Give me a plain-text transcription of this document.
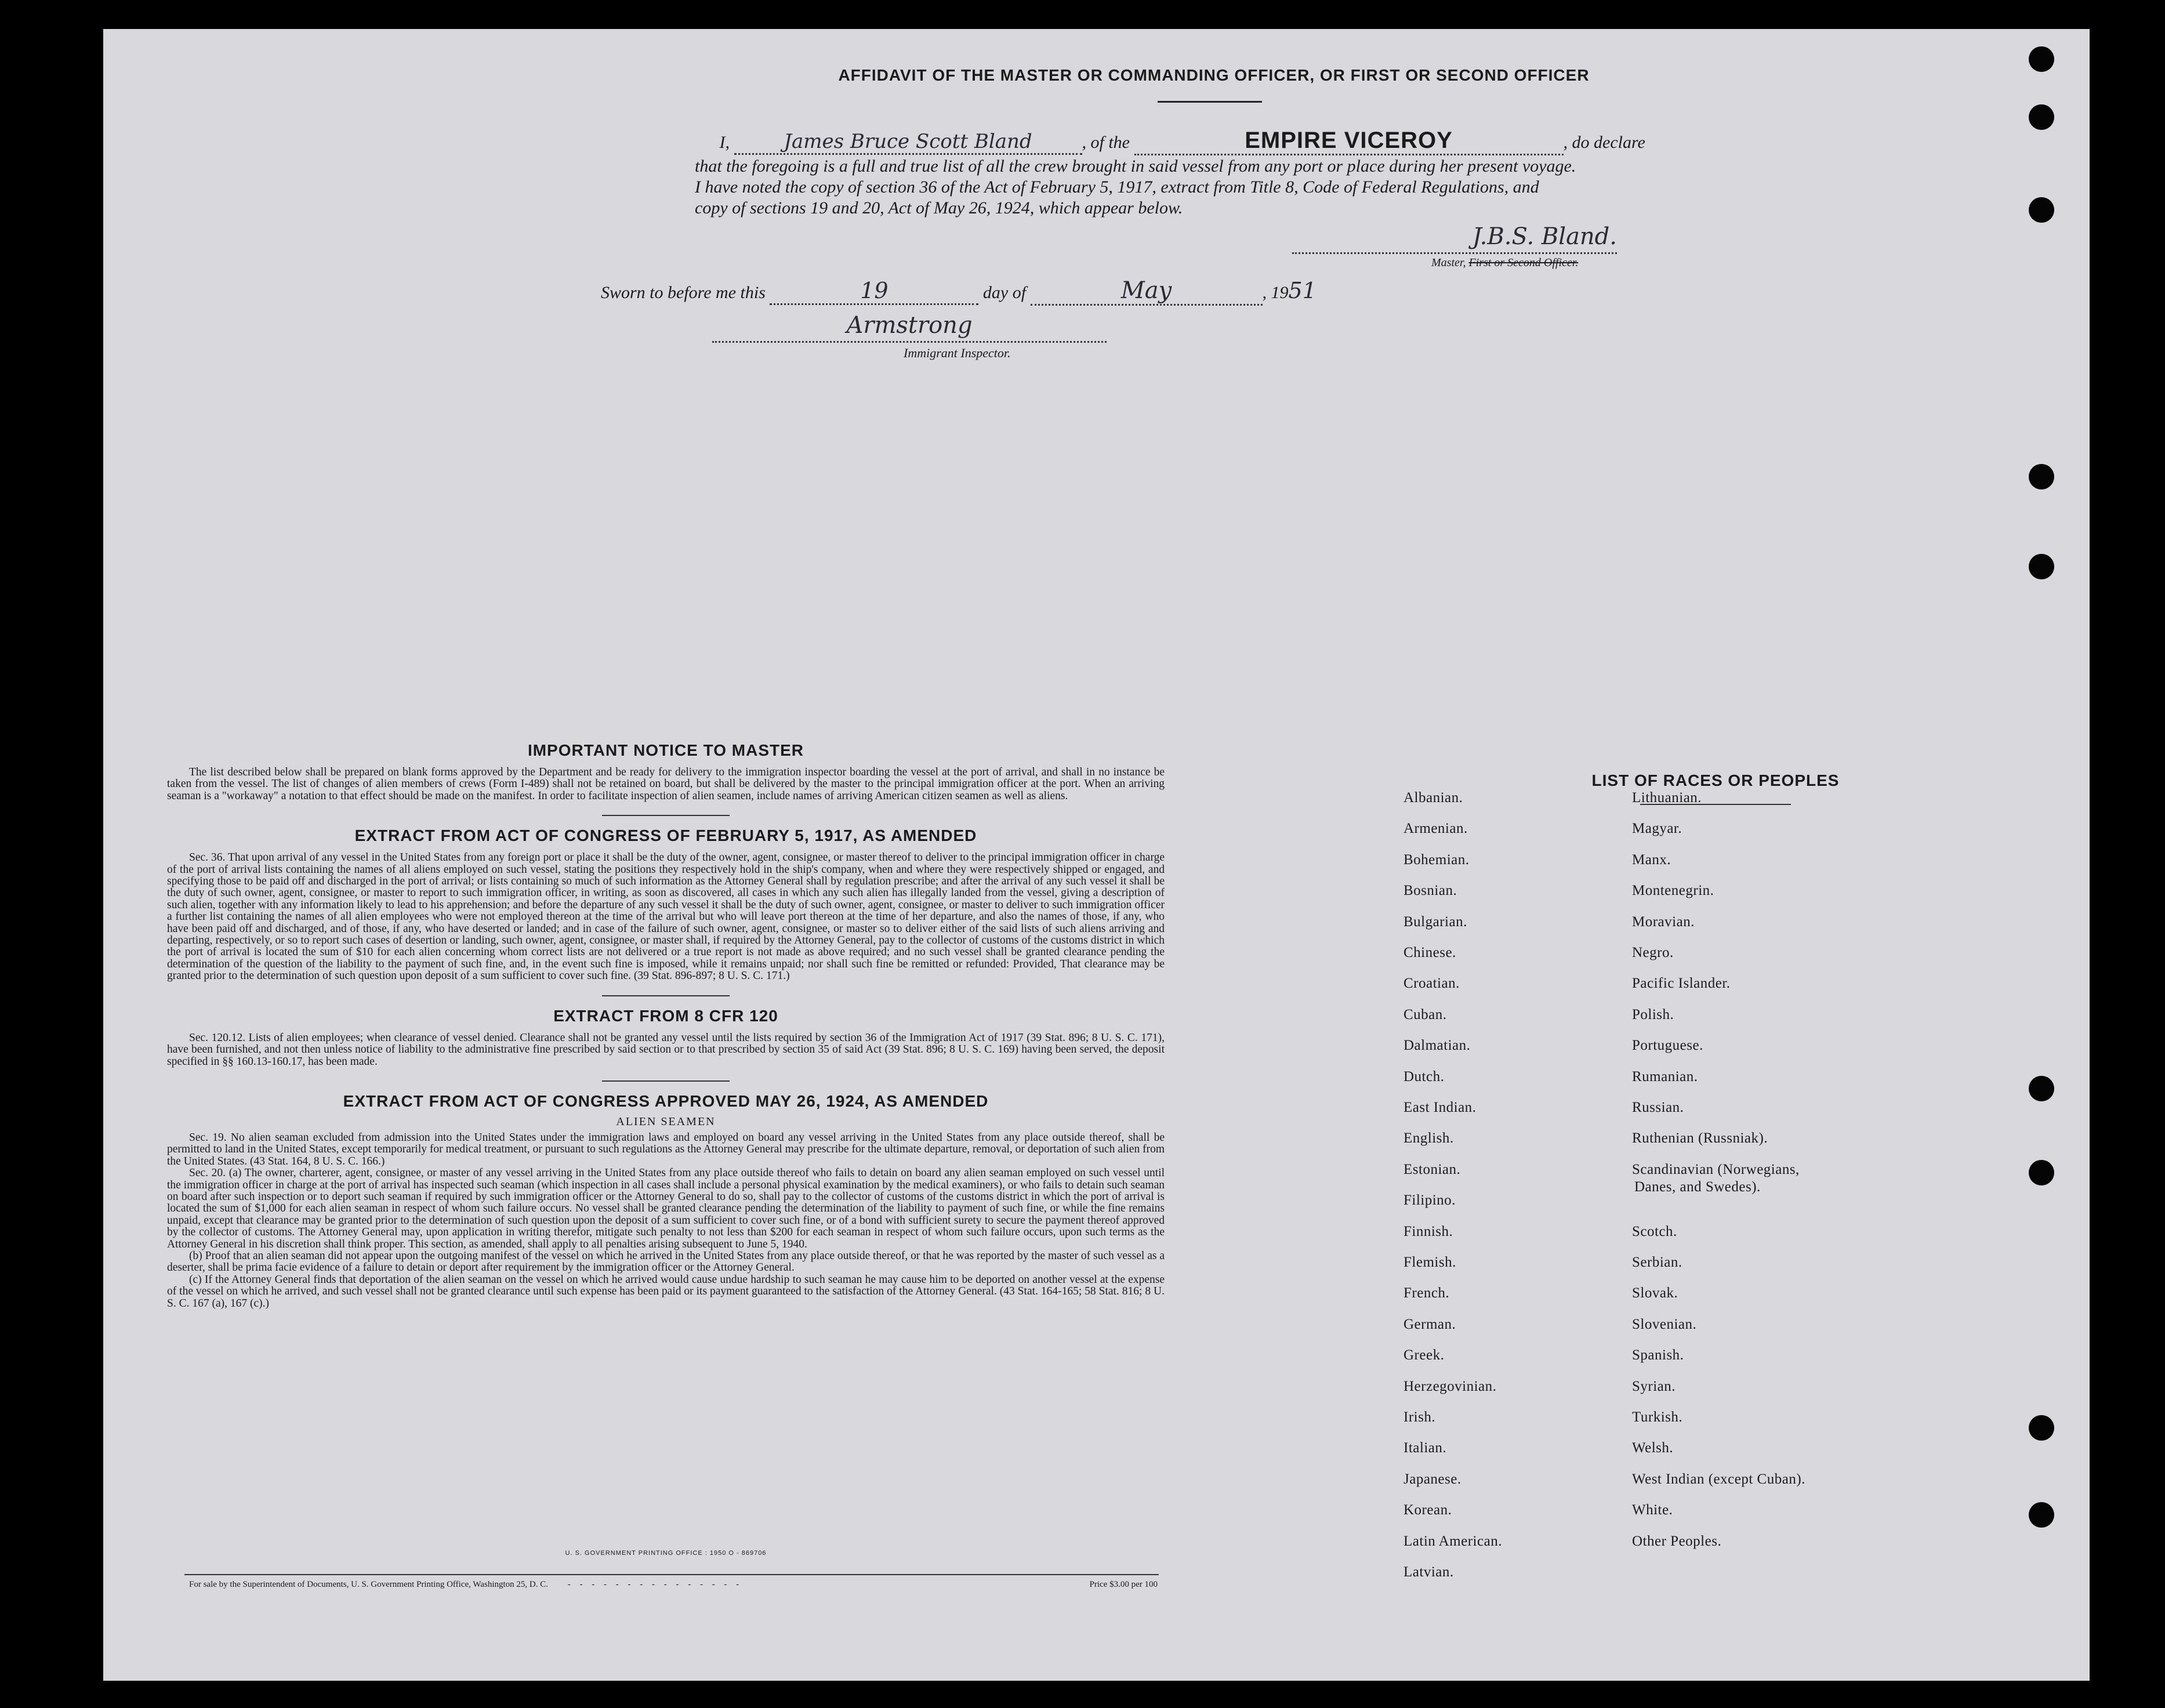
AFFIDAVIT OF THE MASTER OR COMMANDING OFFICER, OR FIRST OR SECOND OFFICER
I,	James Bruce Scott Bland	, of the	EMPIRE VICEROY	, do declare
that the foregoing is a full and true list of all the crew brought in said vessel from any port or place during her present voyage.
I have noted the copy of section 36 of the Act of February 5, 1917, extract from Title 8, Code of Federal Regulations, and
copy of sections 19 and 20, Act of May 26, 1924, which appear below.
J.B.S. Bland.
Master, First or Second Officer.
Sworn to before me this	19	day of	May	, 1951
Armstrong
Immigrant Inspector.
IMPORTANT NOTICE TO MASTER
The list described below shall be prepared on blank forms approved by the Department and be ready for delivery to the immigration inspector boarding the vessel at the port of arrival, and shall in no instance be taken from the vessel. The list of changes of alien members of crews (Form I-489) shall not be retained on board, but shall be delivered by the master to the principal immigration officer at the port. When an arriving seaman is a "workaway" a notation to that effect should be made on the manifest. In order to facilitate inspection of alien seamen, include names of arriving American citizen seamen as well as aliens.
EXTRACT FROM ACT OF CONGRESS OF FEBRUARY 5, 1917, AS AMENDED
Sec. 36. That upon arrival of any vessel in the United States from any foreign port or place it shall be the duty of the owner, agent, consignee, or master thereof to deliver to the principal immigration officer in charge of the port of arrival lists containing the names of all aliens employed on such vessel, stating the positions they respectively hold in the ship's company, when and where they were respectively shipped or engaged, and specifying those to be paid off and discharged in the port of arrival; or lists containing so much of such information as the Attorney General shall by regulation prescribe; and after the arrival of any such vessel it shall be the duty of such owner, agent, consignee, or master to report to such immigration officer, in writing, as soon as discovered, all cases in which any such alien has illegally landed from the vessel, giving a description of such alien, together with any information likely to lead to his apprehension; and before the departure of any such vessel it shall be the duty of such owner, agent, consignee, or master to deliver to such immigration officer a further list containing the names of all alien employees who were not employed thereon at the time of the arrival but who will leave port thereon at the time of her departure, and also the names of those, if any, who have been paid off and discharged, and of those, if any, who have deserted or landed; and in case of the failure of such owner, agent, consignee, or master so to deliver either of the said lists of such aliens arriving and departing, respectively, or so to report such cases of desertion or landing, such owner, agent, consignee, or master shall, if required by the Attorney General, pay to the collector of customs of the customs district in which the port of arrival is located the sum of $10 for each alien concerning whom correct lists are not delivered or a true report is not made as above required; and no such vessel shall be granted clearance pending the determination of the question of the liability to the payment of such fine, and, in the event such fine is imposed, while it remains unpaid; nor shall such fine be remitted or refunded: Provided, That clearance may be granted prior to the determination of such question upon deposit of a sum sufficient to cover such fine. (39 Stat. 896-897; 8 U. S. C. 171.)
EXTRACT FROM 8 CFR 120
Sec. 120.12. Lists of alien employees; when clearance of vessel denied. Clearance shall not be granted any vessel until the lists required by section 36 of the Immigration Act of 1917 (39 Stat. 896; 8 U. S. C. 171), have been furnished, and not then unless notice of liability to the administrative fine prescribed by said section or to that prescribed by section 35 of said Act (39 Stat. 896; 8 U. S. C. 169) having been served, the deposit specified in §§ 160.13-160.17, has been made.
EXTRACT FROM ACT OF CONGRESS APPROVED MAY 26, 1924, AS AMENDED
ALIEN SEAMEN
Sec. 19. No alien seaman excluded from admission into the United States under the immigration laws and employed on board any vessel arriving in the United States from any place outside thereof, shall be permitted to land in the United States, except temporarily for medical treatment, or pursuant to such regulations as the Attorney General may prescribe for the ultimate departure, removal, or deportation of such alien from the United States. (43 Stat. 164, 8 U. S. C. 166.)
Sec. 20. (a) The owner, charterer, agent, consignee, or master of any vessel arriving in the United States from any place outside thereof who fails to detain on board any alien seaman employed on such vessel until the immigration officer in charge at the port of arrival has inspected such seaman (which inspection in all cases shall include a personal physical examination by the medical examiners), or who fails to detain such seaman on board after such inspection or to deport such seaman if required by such immigration officer or the Attorney General to do so, shall pay to the collector of customs of the customs district in which the port of arrival is located the sum of $1,000 for each alien seaman in respect of whom such failure occurs. No vessel shall be granted clearance pending the determination of the liability to payment of such fine, or while the fine remains unpaid, except that clearance may be granted prior to the determination of such question upon the deposit of a sum sufficient to cover such fine, or of a bond with sufficient surety to secure the payment thereof approved by the collector of customs. The Attorney General may, upon application in writing therefor, mitigate such penalty to not less than $200 for each seaman in respect of whom such failure occurs, upon such terms as the Attorney General in his discretion shall think proper. This section, as amended, shall apply to all penalties arising subsequent to June 5, 1940.
(b) Proof that an alien seaman did not appear upon the outgoing manifest of the vessel on which he arrived in the United States from any place outside thereof, or that he was reported by the master of such vessel as a deserter, shall be prima facie evidence of a failure to detain or deport after requirement by the immigration officer or the Attorney General.
(c) If the Attorney General finds that deportation of the alien seaman on the vessel on which he arrived would cause undue hardship to such seaman he may cause him to be deported on another vessel at the expense of the vessel on which he arrived, and such vessel shall not be granted clearance until such expense has been paid or its payment guaranteed to the satisfaction of the Attorney General. (43 Stat. 164-165; 58 Stat. 816; 8 U. S. C. 167 (a), 167 (c).)
U. S. GOVERNMENT PRINTING OFFICE : 1950 O - 869706
For sale by the Superintendent of Documents, U. S. Government Printing Office, Washington 25, D. C. - - - - - - - - - - - - - - -	Price $3.00 per 100
LIST OF RACES OR PEOPLES
Albanian.
Armenian.
Bohemian.
Bosnian.
Bulgarian.
Chinese.
Croatian.
Cuban.
Dalmatian.
Dutch.
East Indian.
English.
Estonian.
Filipino.
Finnish.
Flemish.
French.
German.
Greek.
Herzegovinian.
Irish.
Italian.
Japanese.
Korean.
Latin American.
Latvian.
Lithuanian.
Magyar.
Manx.
Montenegrin.
Moravian.
Negro.
Pacific Islander.
Polish.
Portuguese.
Rumanian.
Russian.
Ruthenian (Russniak).
Scandinavian (Norwegians,
Danes, and Swedes).
Scotch.
Serbian.
Slovak.
Slovenian.
Spanish.
Syrian.
Turkish.
Welsh.
West Indian (except Cuban).
White.
Other Peoples.
